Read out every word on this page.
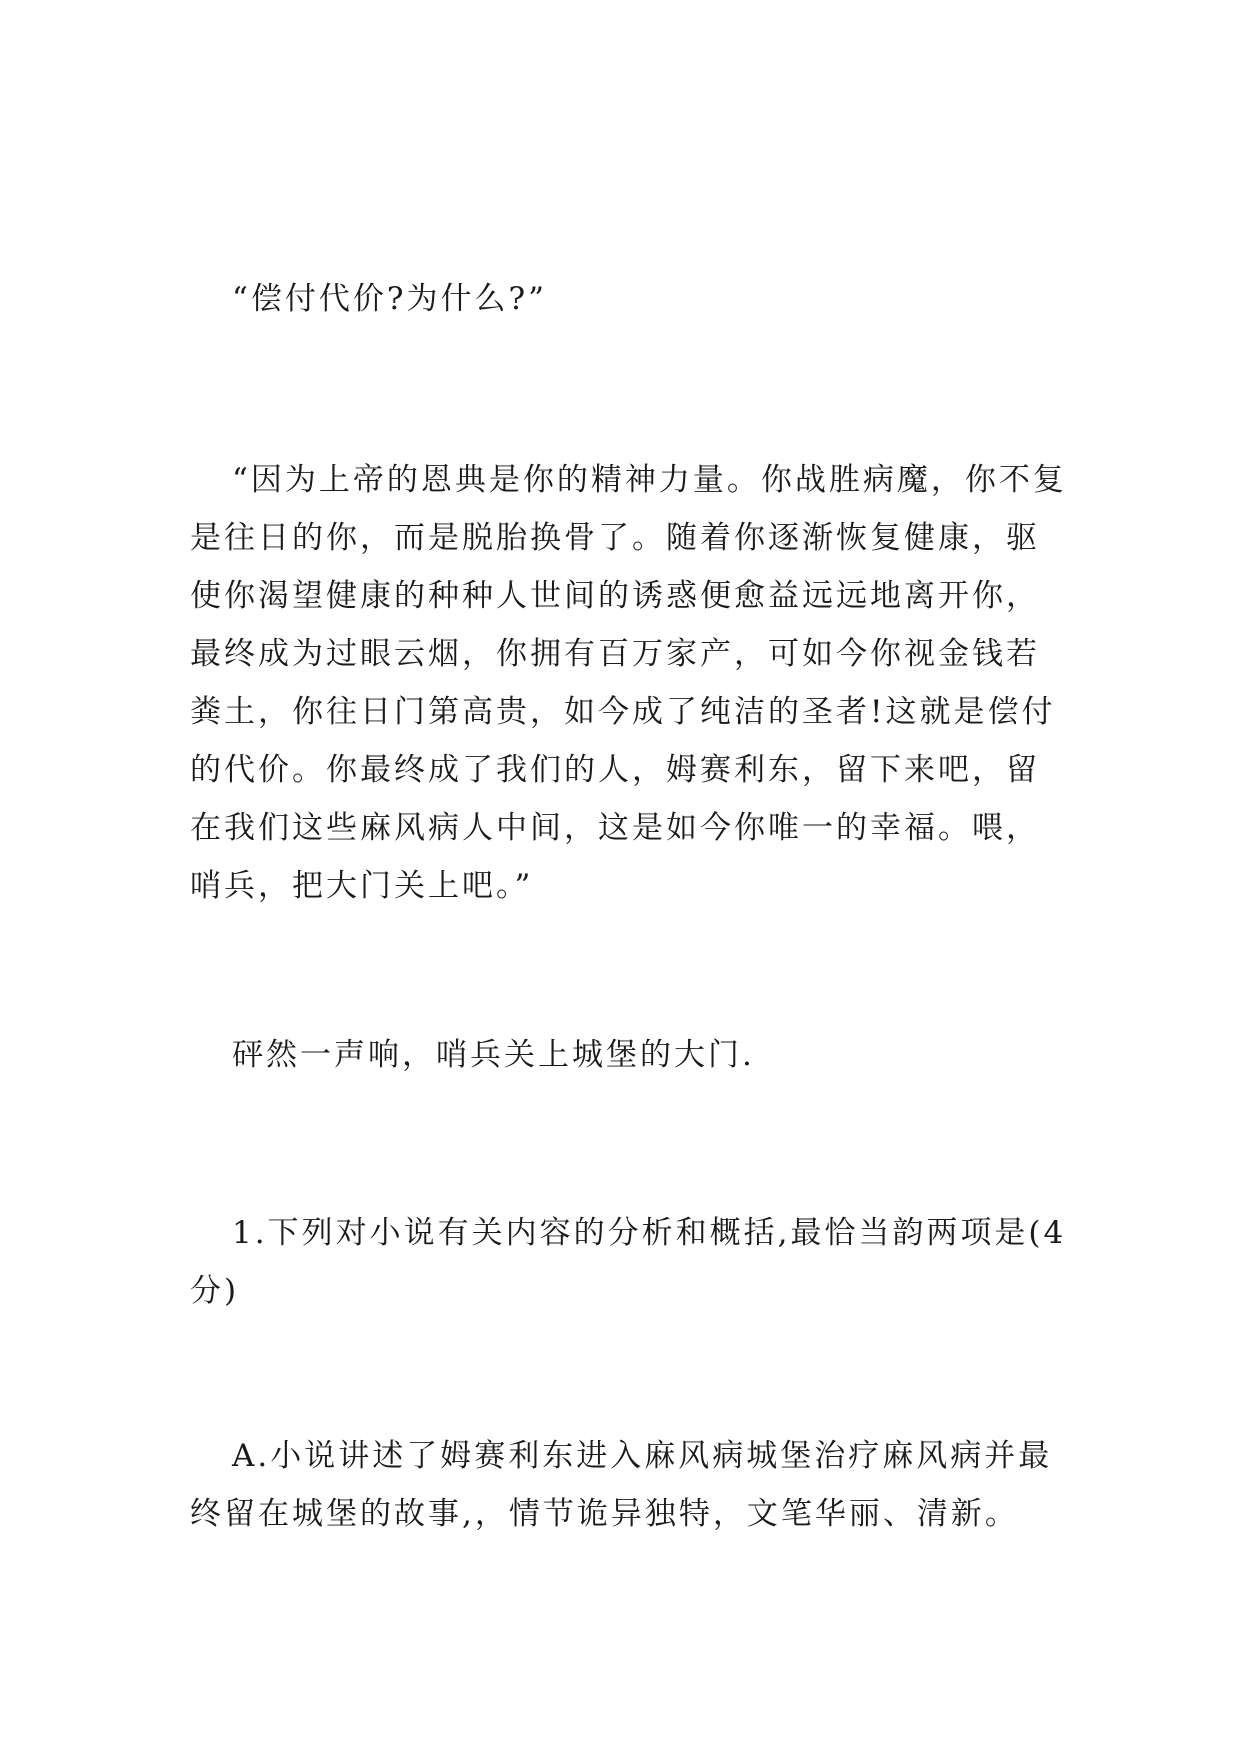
“偿付代价?为什么?”

“因为上帝的恩典是你的精神力量。你战胜病魔，你不复是往日的你，而是脱胎换骨了。随着你逐渐恢复健康，驱使你渴望健康的种种人世间的诱惑便愈益远远地离开你，最终成为过眼云烟，你拥有百万家产，可如今你视金钱若粪土，你往日门第高贵，如今成了纯洁的圣者!这就是偿付的代价。你最终成了我们的人，姆赛利东，留下来吧，留在我们这些麻风病人中间，这是如今你唯一的幸福。喂，哨兵，把大门关上吧。”

砰然一声响，哨兵关上城堡的大门.

1.下列对小说有关内容的分析和概括,最恰当韵两项是(4分)

A.小说讲述了姆赛利东进入麻风病城堡治疗麻风病并最终留在城堡的故事,，情节诡异独特，文笔华丽、清新。
